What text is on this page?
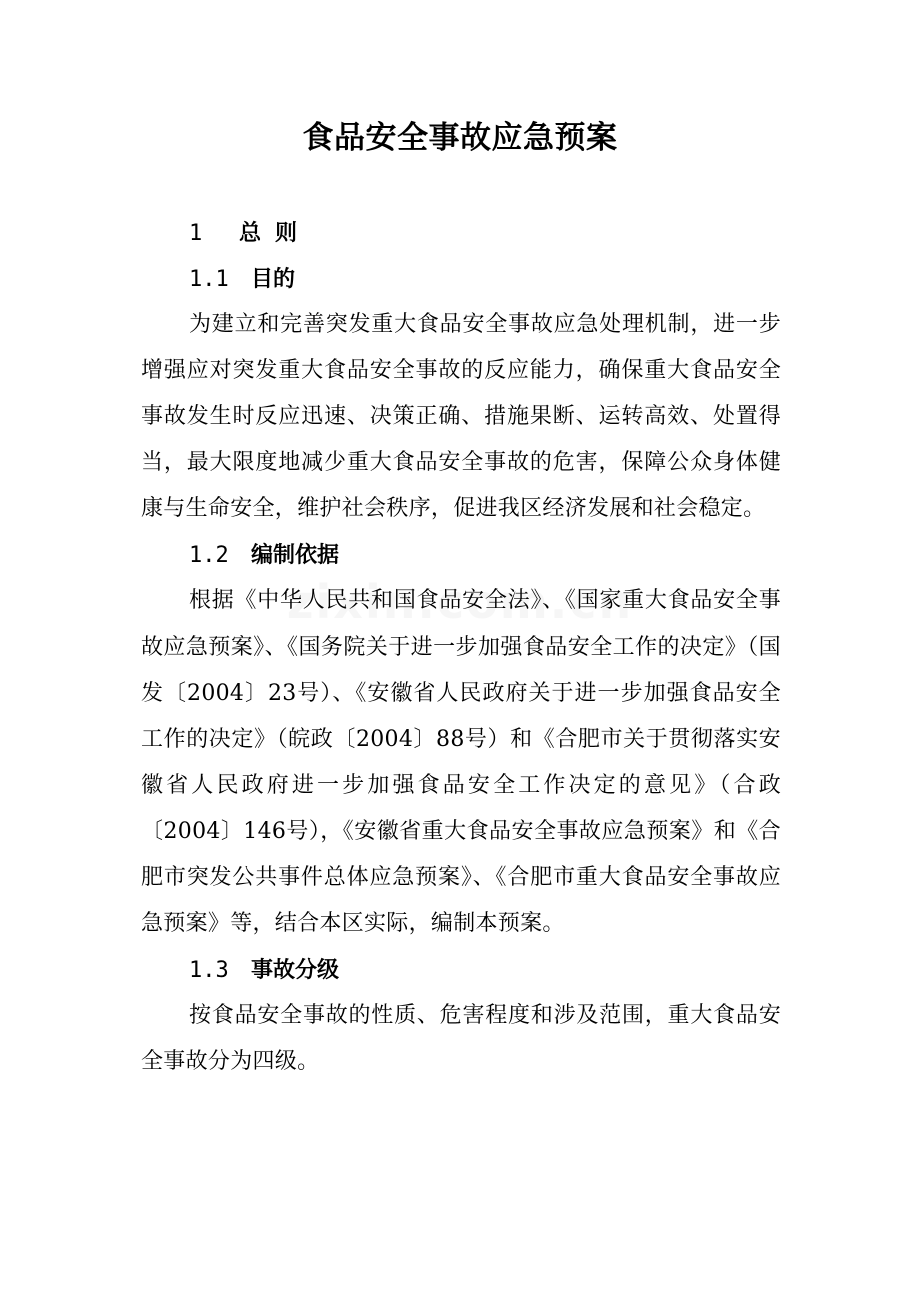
食品安全事故应急预案
1 总则
1.1 目的

为建立和完善突发重大食品安全事故应急处理机制，进一步增强应对突发重大食品安全事故的反应能力，确保重大食品安全事故发生时反应迅速、决策正确、措施果断、运转高效、处置得当，最大限度地减少重大食品安全事故的危害，保障公众身体健康与生命安全，维护社会秩序，促进我区经济发展和社会稳定。

1.2 编制依据

根据《中华人民共和国食品安全法》、《国家重大食品安全事故应急预案》、《国务院关于进一步加强食品安全工作的决定》（国发〔2004〕23号）、《安徽省人民政府关于进一步加强食品安全工作的决定》（皖政〔2004〕88号）和《合肥市关于贯彻落实安徽省人民政府进一步加强食品安全工作决定的意见》（合政〔2004〕146号），《安徽省重大食品安全事故应急预案》和《合肥市突发公共事件总体应急预案》、《合肥市重大食品安全事故应急预案》等，结合本区实际，编制本预案。

1.3 事故分级

按食品安全事故的性质、危害程度和涉及范围，重大食品安全事故分为四级。
